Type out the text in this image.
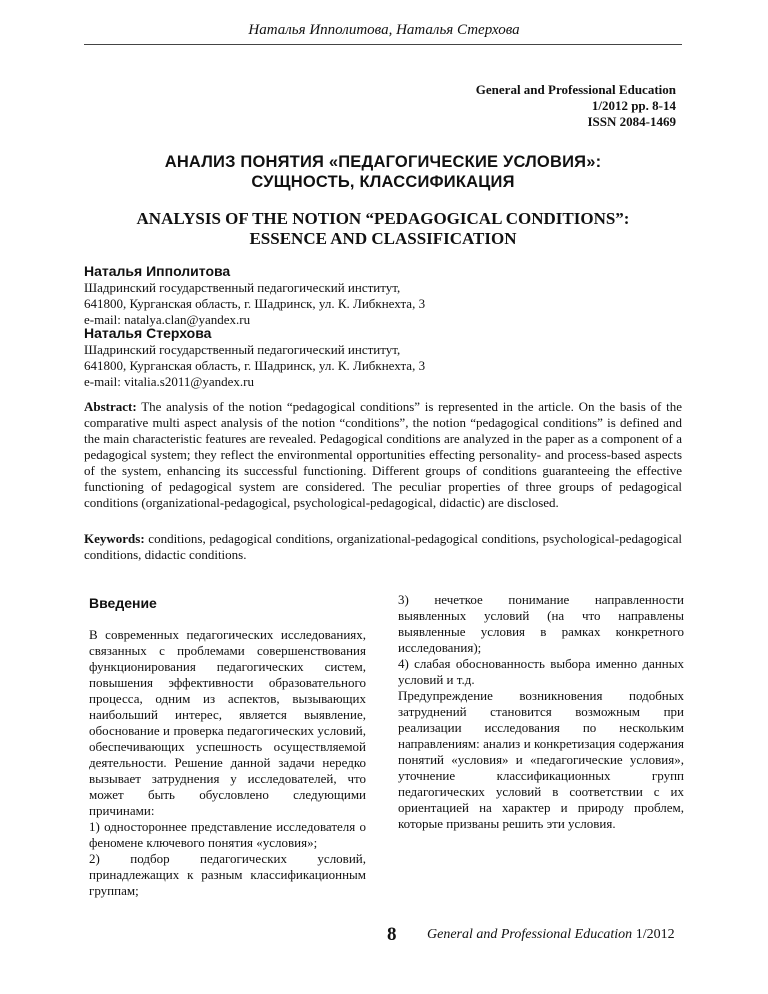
Наталья Ипполитова, Наталья Стерхова
General and Professional Education
1/2012 pp. 8-14
ISSN 2084-1469
АНАЛИЗ ПОНЯТИЯ «ПЕДАГОГИЧЕСКИЕ УСЛОВИЯ»:
СУЩНОСТЬ, КЛАССИФИКАЦИЯ
ANALYSIS OF THE NOTION “PEDAGOGICAL CONDITIONS”:
ESSENCE AND CLASSIFICATION
Наталья Ипполитова
Шадринский государственный педагогический институт,
641800, Курганская область, г. Шадринск, ул. К. Либкнехта, 3
e-mail: natalya.clan@yandex.ru
Наталья Стерхова
Шадринский государственный педагогический институт,
641800, Курганская область, г. Шадринск, ул. К. Либкнехта, 3
e-mail: vitalia.s2011@yandex.ru
Abstract: The analysis of the notion “pedagogical conditions” is represented in the article. On the basis of the comparative multi aspect analysis of the notion “conditions”, the notion “pedagogical conditions” is defined and the main characteristic features are revealed. Pedagogical conditions are analyzed in the paper as a component of a pedagogical system; they reflect the environmental opportunities effecting personality- and process-based aspects of the system, enhancing its successful functioning. Different groups of conditions guaranteeing the effective functioning of pedagogical system are considered. The peculiar properties of three groups of pedagogical conditions (organizational-pedagogical, psychological-pedagogical, didactic) are disclosed.
Keywords: conditions, pedagogical conditions, organizational-pedagogical conditions, psychological-pedagogical conditions, didactic conditions.
Введение

В современных педагогических исследованиях, связанных с проблемами совершенствования функционирования педагогических систем, повышения эффективности образовательного процесса, одним из аспектов, вызывающих наибольший интерес, является выявление, обоснование и проверка педагогических условий, обеспечивающих успешность осуществляемой деятельности. Решение данной задачи нередко вызывает затруднения у исследователей, что может быть обусловлено следующими причинами:

1) одностороннее представление исследователя о феномене ключевого понятия «условия»;

2) подбор педагогических условий, принадлежащих к разным классификационным группам;

3) нечеткое понимание направленности выявленных условий (на что направлены выявленные условия в рамках конкретного исследования);

4) слабая обоснованность выбора именно данных условий и т.д.

Предупреждение возникновения подобных затруднений становится возможным при реализации исследования по нескольким направлениям: анализ и конкретизация содержания понятий «условия» и «педагогические условия», уточнение классификационных групп педагогических условий в соответствии с их ориентацией на характер и природу проблем, которые призваны решить эти условия.

8 General and Professional Education 1/2012
